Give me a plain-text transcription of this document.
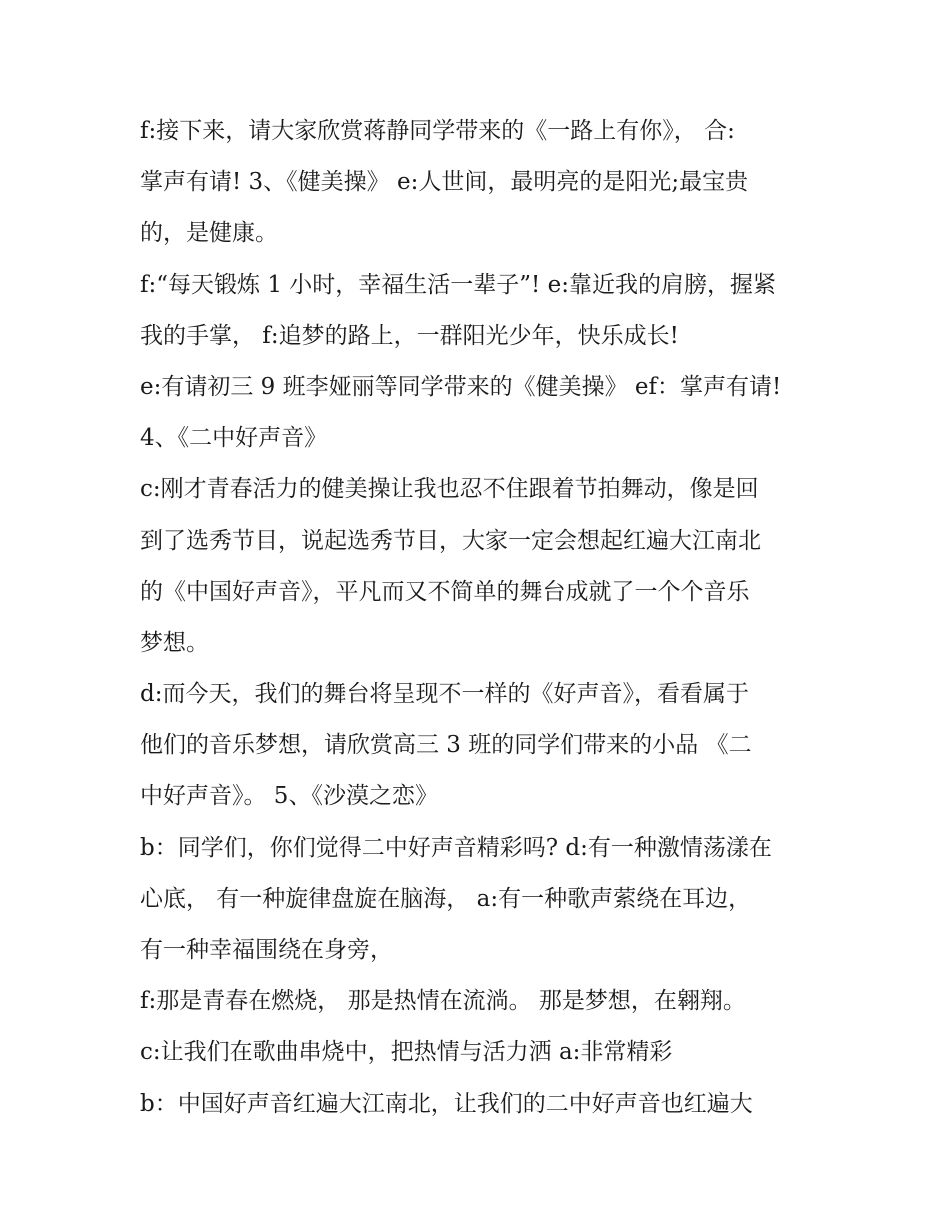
f:接下来，请大家欣赏蒋静同学带来的《一路上有你》， 合:
掌声有请! 3、《健美操》 e:人世间，最明亮的是阳光;最宝贵
的，是健康。
f:“每天锻炼 1 小时，幸福生活一辈子”! e:靠近我的肩膀，握紧
我的手掌， f:追梦的路上，一群阳光少年，快乐成长!
e:有请初三 9 班李娅丽等同学带来的《健美操》 ef：掌声有请!
4、《二中好声音》
c:刚才青春活力的健美操让我也忍不住跟着节拍舞动，像是回
到了选秀节目，说起选秀节目，大家一定会想起红遍大江南北
的《中国好声音》，平凡而又不简单的舞台成就了一个个音乐
梦想。
d:而今天，我们的舞台将呈现不一样的《好声音》，看看属于
他们的音乐梦想，请欣赏高三 3 班的同学们带来的小品 《二
中好声音》。 5、《沙漠之恋》
b：同学们，你们觉得二中好声音精彩吗? d:有一种激情荡漾在
心底， 有一种旋律盘旋在脑海， a:有一种歌声萦绕在耳边，
有一种幸福围绕在身旁，
f:那是青春在燃烧， 那是热情在流淌。 那是梦想，在翱翔。
c:让我们在歌曲串烧中，把热情与活力洒 a:非常精彩
b：中国好声音红遍大江南北，让我们的二中好声音也红遍大
